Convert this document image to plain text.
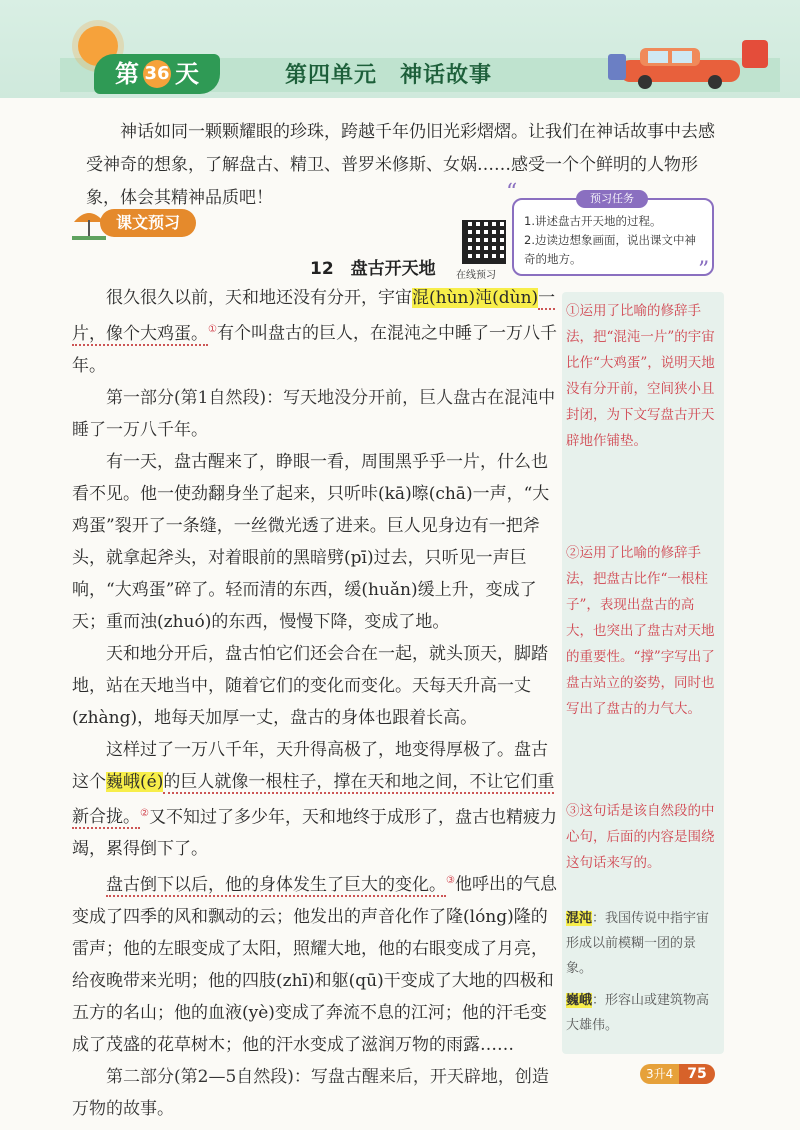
第 36 天	第四单元　神话故事
神话如同一颗颗耀眼的珍珠，跨越千年仍旧光彩熠熠。让我们在神话故事中去感受神奇的想象，了解盘古、精卫、普罗米修斯、女娲……感受一个个鲜明的人物形象，体会其精神品质吧！
课文预习
在线预习
1.讲述盘古开天地的过程。
2.边读边想象画面，说出课文中神奇的地方。
预习任务
“
”
12　盘古开天地

很久很久以前，天和地还没有分开，宇宙混(hùn)沌(dùn)一片，像个大鸡蛋。①有个叫盘古的巨人，在混沌之中睡了一万八千年。

第一部分(第1自然段)：写天地没分开前，巨人盘古在混沌中睡了一万八千年。

有一天，盘古醒来了，睁眼一看，周围黑乎乎一片，什么也看不见。他一使劲翻身坐了起来，只听咔(kā)嚓(chā)一声，“大鸡蛋”裂开了一条缝，一丝微光透了进来。巨人见身边有一把斧头，就拿起斧头，对着眼前的黑暗劈(pī)过去，只听见一声巨响，“大鸡蛋”碎了。轻而清的东西，缓(huǎn)缓上升，变成了天；重而浊(zhuó)的东西，慢慢下降，变成了地。

天和地分开后，盘古怕它们还会合在一起，就头顶天，脚踏地，站在天地当中，随着它们的变化而变化。天每天升高一丈(zhàng)，地每天加厚一丈，盘古的身体也跟着长高。

这样过了一万八千年，天升得高极了，地变得厚极了。盘古这个巍峨(é)的巨人就像一根柱子，撑在天和地之间，不让它们重新合拢。②又不知过了多少年，天和地终于成形了，盘古也精疲力竭，累得倒下了。

盘古倒下以后，他的身体发生了巨大的变化。③他呼出的气息变成了四季的风和飘动的云；他发出的声音化作了隆(lóng)隆的雷声；他的左眼变成了太阳，照耀大地，他的右眼变成了月亮，给夜晚带来光明；他的四肢(zhī)和躯(qū)干变成了大地的四极和五方的名山；他的血液(yè)变成了奔流不息的江河；他的汗毛变成了茂盛的花草树木；他的汗水变成了滋润万物的雨露……

第二部分(第2—5自然段)：写盘古醒来后，开天辟地，创造万物的故事。

①运用了比喻的修辞手法，把“混沌一片”的宇宙比作“大鸡蛋”，说明天地没有分开前，空间狭小且封闭，为下文写盘古开天辟地作铺垫。
②运用了比喻的修辞手法，把盘古比作“一根柱子”，表现出盘古的高大，也突出了盘古对天地的重要性。“撑”字写出了盘古站立的姿势，同时也写出了盘古的力气大。
③这句话是该自然段的中心句，后面的内容是围绕这句话来写的。
混沌：我国传说中指宇宙形成以前模糊一团的景象。
巍峨：形容山或建筑物高大雄伟。
3升4	75
